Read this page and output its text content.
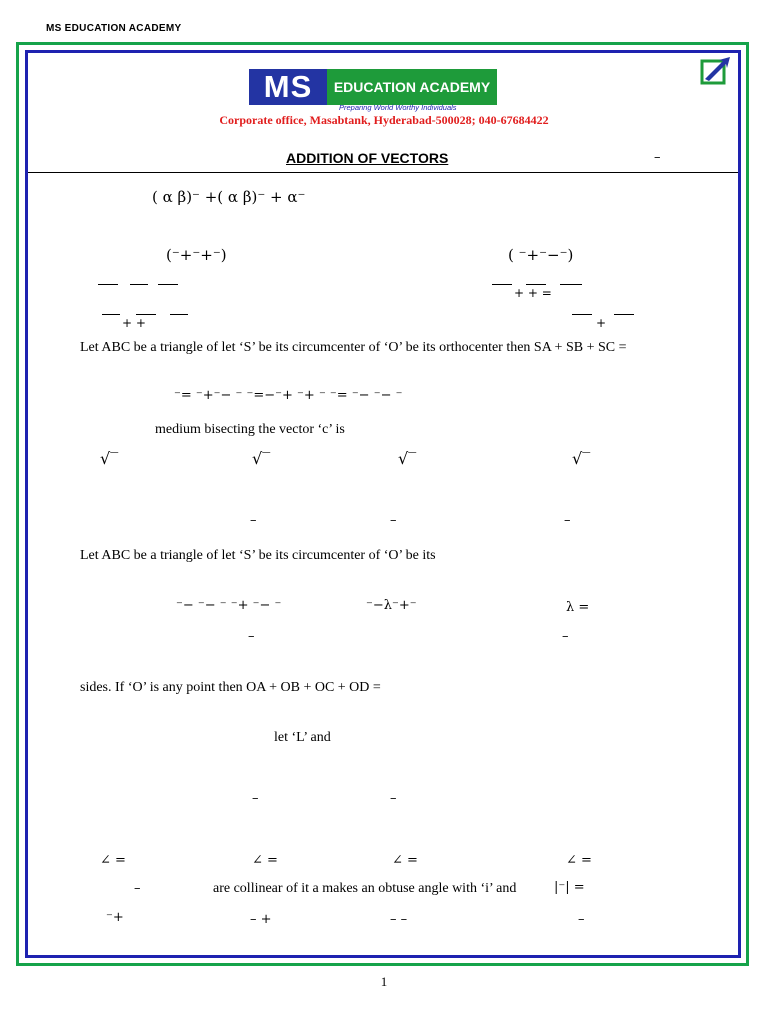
MS EDUCATION ACADEMY
MS	EDUCATION ACADEMY
Preparing World Worthy Individuals
Corporate office, Masabtank, Hyderabad-500028; 040-67684422
ADDITION OF VECTORS	–
( α β)⁻ +( α β)⁻ + α⁻
(⁻+⁻+⁻)	( ⁻+⁻−⁻)
+ + =
+ +	+
Let ABC be a triangle of let ‘S’ be its circumcenter of ‘O’ be its orthocenter then SA + SB + SC =
⁻= ⁻+⁻− ⁻ ⁻=−⁻+ ⁻+ ⁻ ⁻= ⁻− ⁻− ⁻
medium bisecting the vector ‘c’ is
√‾	√‾	√‾	√‾
–	–	–
Let ABC be a triangle of let ‘S’ be its circumcenter of ‘O’ be its
⁻− ⁻− ⁻ ⁻+ ⁻− ⁻	⁻−λ⁻+⁻	λ =
–	–
sides. If ‘O’ is any point then OA + OB + OC + OD =
let ‘L’ and
–	–
∠ =	∠ =	∠ =	∠ =
–	are collinear of it a makes an obtuse angle with ‘i’ and	|⁻| =
⁻+	– +	– –	–
1
